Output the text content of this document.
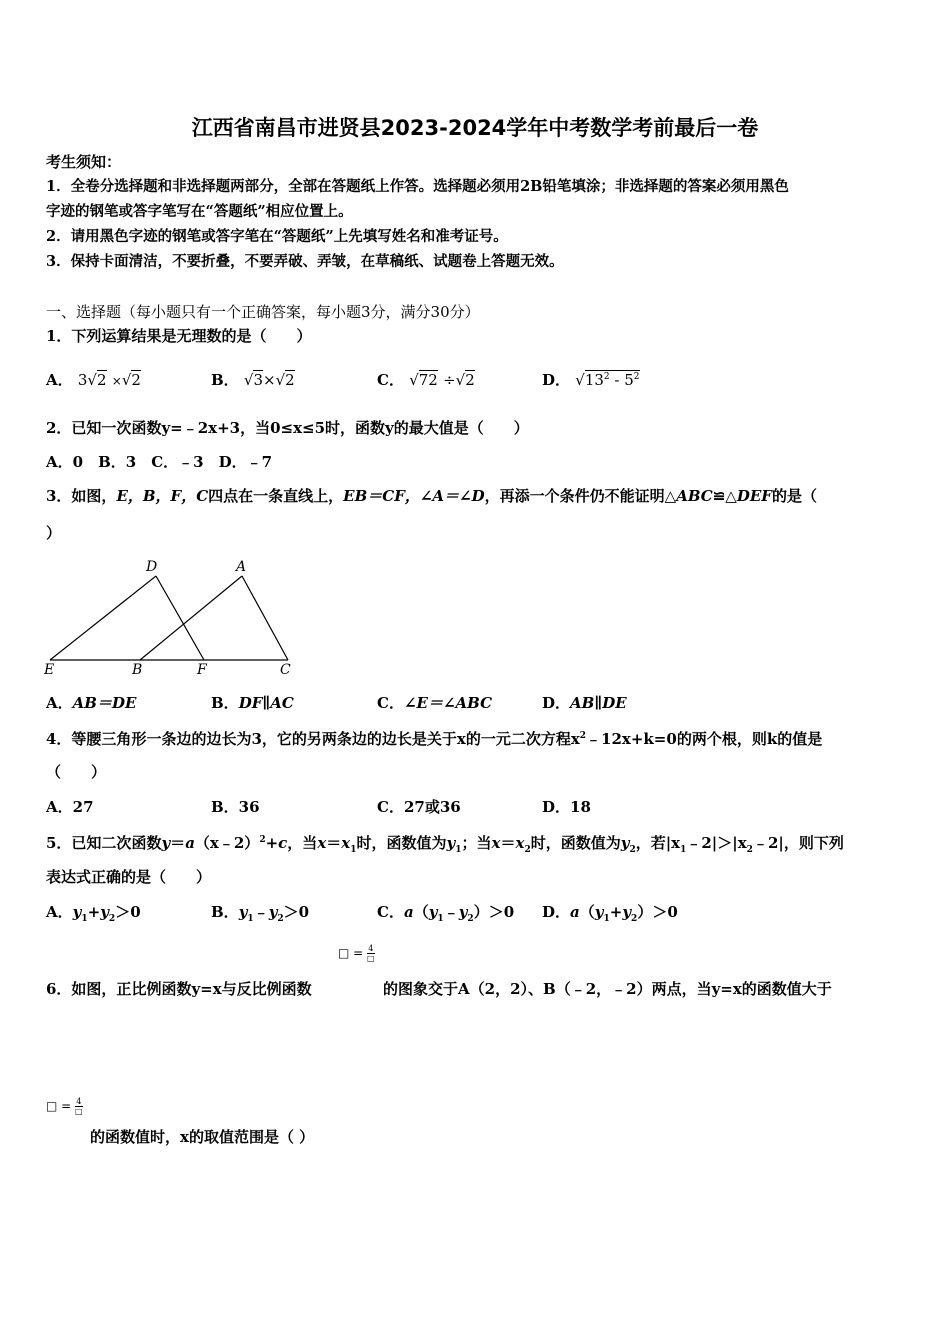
江西省南昌市进贤县2023-2024学年中考数学考前最后一卷
考生须知：
1．全卷分选择题和非选择题两部分，全部在答题纸上作答。选择题必须用2B铅笔填涂；非选择题的答案必须用黑色
字迹的钢笔或答字笔写在“答题纸”相应位置上。
2．请用黑色字迹的钢笔或答字笔在“答题纸”上先填写姓名和准考证号。
3．保持卡面清洁，不要折叠，不要弄破、弄皱，在草稿纸、试题卷上答题无效。
一、选择题（每小题只有一个正确答案，每小题3分，满分30分）
1．下列运算结果是无理数的是（　　）
A． 3√2 ×√2	B． √3×√2	C． √72 ÷√2	D． $√13^2 - 5^2$
2．已知一次函数y=﹣2x+3，当0≤x≤5时，函数y的最大值是（　　）
A．0　B．3　C．﹣3　D．﹣7
3．如图，E，B，F，C四点在一条直线上，EB＝CF，∠A＝∠D，再添一个条件仍不能证明△ABC≌△DEF的是（
）
D	A
E	B	F	C
A．AB＝DE	B．DF∥AC	C．∠E＝∠ABC	D．AB∥DE
4．等腰三角形一条边的边长为3，它的另两条边的边长是关于x的一元二次方程$x^2﹣12x+k=0$的两个根，则k的值是
（　　）
A．27	B．36	C．27或36	D．18
5．已知二次函数y＝a（x﹣2）$^2$+c，当$x=x_1$时，函数值为$y_1$；当$x=x_2$时，函数值为$y_2$，若$|x_1﹣2|>|x_2﹣2|$，则下列
表达式正确的是（　　）
A．$y_1+y_2>0$	B．$y_1﹣y_2>0$	C．$a(y_1﹣y_2)>0$ D．$a(y_1+y_2)>0$
□ = 4
□
6．如图，正比例函数y=x与反比例函数	的图象交于A（2，2）、B（﹣2，﹣2）两点，当y=x的函数值大于
□ = 4
□
的函数值时，x的取值范围是（ ）
